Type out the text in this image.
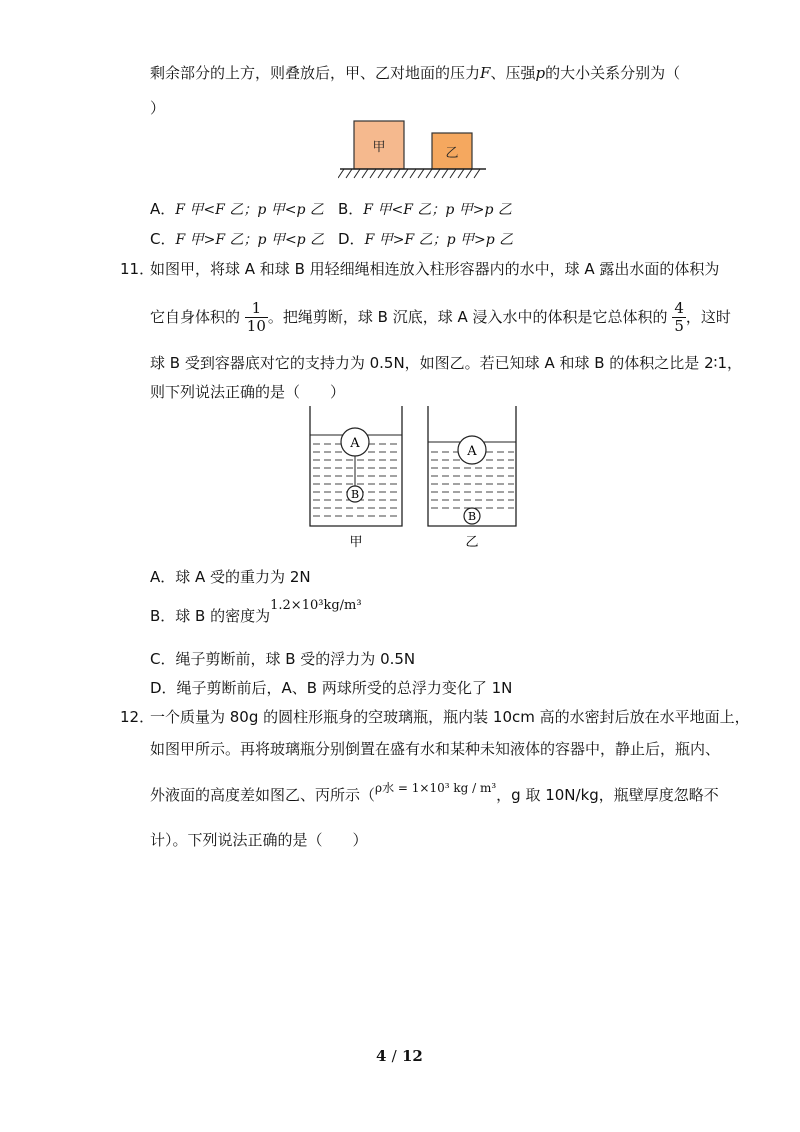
剩余部分的上方，则叠放后，甲、乙对地面的压力F、压强p的大小关系分别为（
）
甲	乙
A．F 甲<F 乙；p 甲<p 乙 B．F 甲<F 乙；p 甲>p 乙
C．F 甲>F 乙；p 甲<p 乙 D．F 甲>F 乙；p 甲>p 乙
11．
如图甲，将球 A 和球 B 用轻细绳相连放入柱形容器内的水中，球 A 露出水面的体积为
它自身体积的 $\frac{1}{10}$ 。把绳剪断，球 B 沉底，球 A 浸入水中的体积是它总体积的 $\frac{4}{5}$ ，这时
球 B 受到容器底对它的支持力为 0.5N，如图乙。若已知球 A 和球 B 的体积之比是 2∶1，
则下列说法正确的是（　　）
A
B
A
B
甲	乙
A．球 A 受的重力为 2N
B．球 B 的密度为1.2×10³kg/m³
C．绳子剪断前，球 B 受的浮力为 0.5N
D．绳子剪断前后，A、B 两球所受的总浮力变化了 1N
12．
一个质量为 80g 的圆柱形瓶身的空玻璃瓶，瓶内装 10cm 高的水密封后放在水平地面上，
如图甲所示。再将玻璃瓶分别倒置在盛有水和某种未知液体的容器中，静止后，瓶内、
外液面的高度差如图乙、丙所示（$^{\rho 水 = 1\times 10^3 kg / m^3}$，g 取 10N/kg，瓶壁厚度忽略不
计）。下列说法正确的是（　　）
4 / 12
